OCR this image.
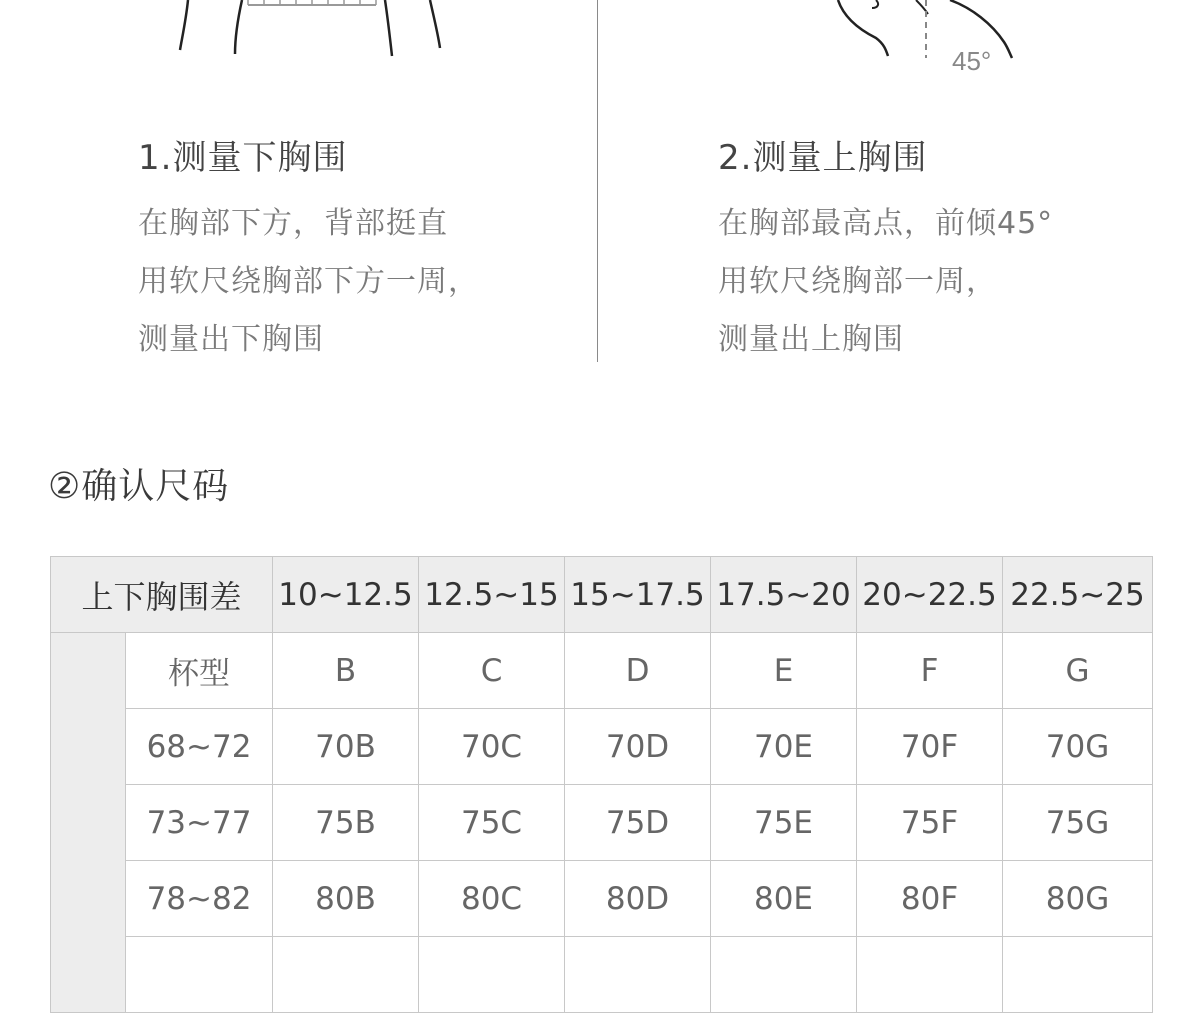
45°
1.测量下胸围
在胸部下方，背部挺直
用软尺绕胸部下方一周，
测量出下胸围
2.测量上胸围
在胸部最高点，前倾45°
用软尺绕胸部一周，
测量出上胸围
②确认尺码
上下胸围差		10~12.5	12.5~15	15~17.5	17.5~20	20~22.5	22.5~25
	杯型	B	C	D	E	F	G
	68~72	70B	70C	70D	70E	70F	70G
	73~77	75B	75C	75D	75E	75F	75G
	78~82	80B	80C	80D	80E	80F	80G
